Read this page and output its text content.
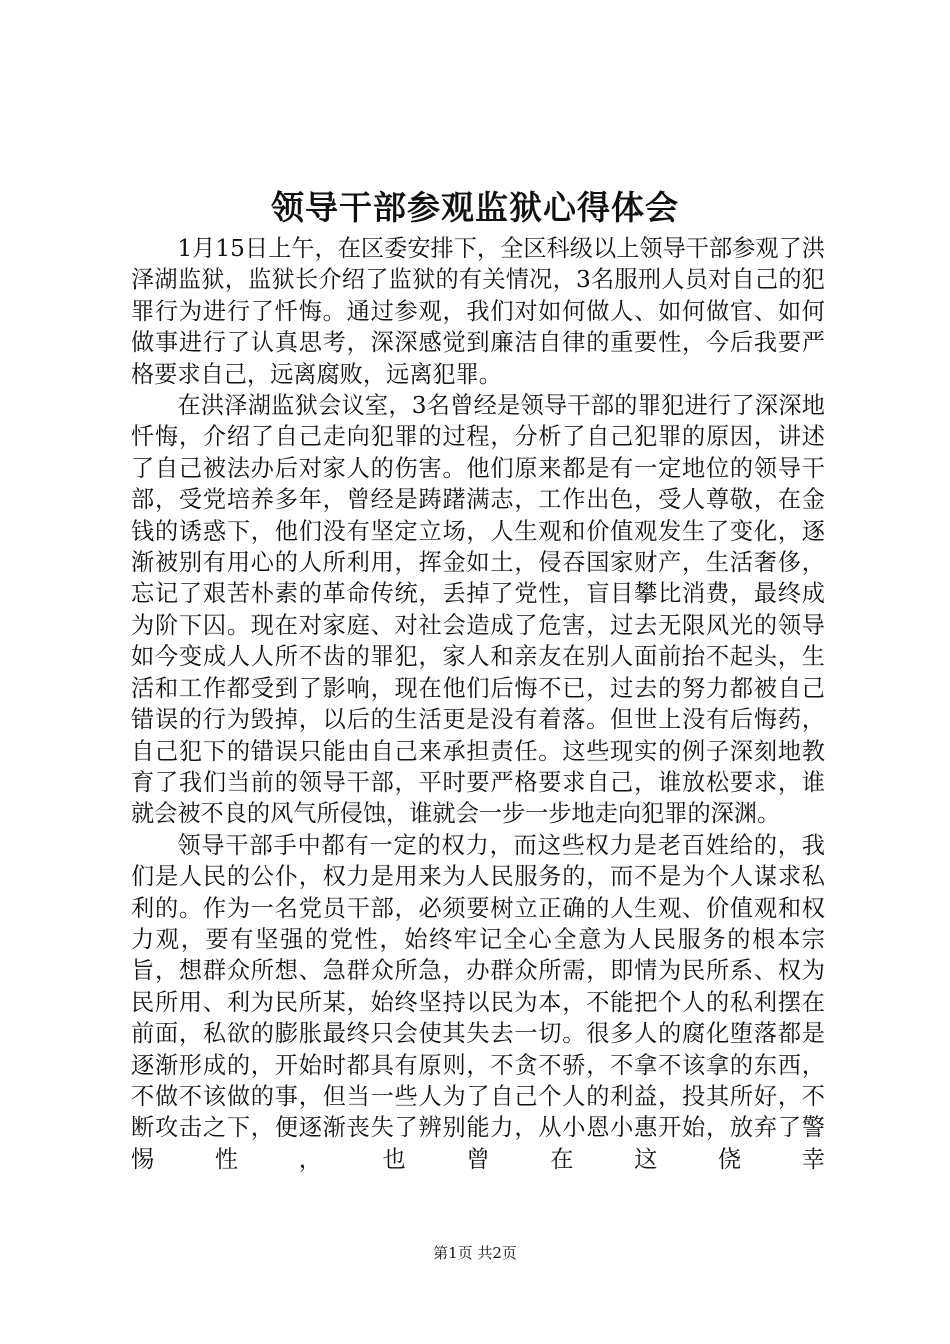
领导干部参观监狱心得体会

1月15日上午，在区委安排下，全区科级以上领导干部参观了洪泽湖监狱，监狱长介绍了监狱的有关情况，3名服刑人员对自己的犯罪行为进行了忏悔。通过参观，我们对如何做人、如何做官、如何做事进行了认真思考，深深感觉到廉洁自律的重要性，今后我要严格要求自己，远离腐败，远离犯罪。

在洪泽湖监狱会议室，3名曾经是领导干部的罪犯进行了深深地忏悔，介绍了自己走向犯罪的过程，分析了自己犯罪的原因，讲述了自己被法办后对家人的伤害。他们原来都是有一定地位的领导干部，受党培养多年，曾经是踌躇满志，工作出色，受人尊敬，在金钱的诱惑下，他们没有坚定立场，人生观和价值观发生了变化，逐渐被别有用心的人所利用，挥金如土，侵吞国家财产，生活奢侈，忘记了艰苦朴素的革命传统，丢掉了党性，盲目攀比消费，最终成为阶下囚。现在对家庭、对社会造成了危害，过去无限风光的领导如今变成人人所不齿的罪犯，家人和亲友在别人面前抬不起头，生活和工作都受到了影响，现在他们后悔不已，过去的努力都被自己错误的行为毁掉，以后的生活更是没有着落。但世上没有后悔药，自己犯下的错误只能由自己来承担责任。这些现实的例子深刻地教育了我们当前的领导干部，平时要严格要求自己，谁放松要求，谁就会被不良的风气所侵蚀，谁就会一步一步地走向犯罪的深渊。

领导干部手中都有一定的权力，而这些权力是老百姓给的，我们是人民的公仆，权力是用来为人民服务的，而不是为个人谋求私利的。作为一名党员干部，必须要树立正确的人生观、价值观和权力观，要有坚强的党性，始终牢记全心全意为人民服务的根本宗旨，想群众所想、急群众所急，办群众所需，即情为民所系、权为民所用、利为民所某，始终坚持以民为本，不能把个人的私利摆在前面，私欲的膨胀最终只会使其失去一切。很多人的腐化堕落都是逐渐形成的，开始时都具有原则，不贪不骄，不拿不该拿的东西，不做不该做的事，但当一些人为了自己个人的利益，投其所好，不断攻击之下，便逐渐丧失了辨别能力，从小恩小惠开始，放弃了警惕性，也曾在这侥幸

第1页 共2页
